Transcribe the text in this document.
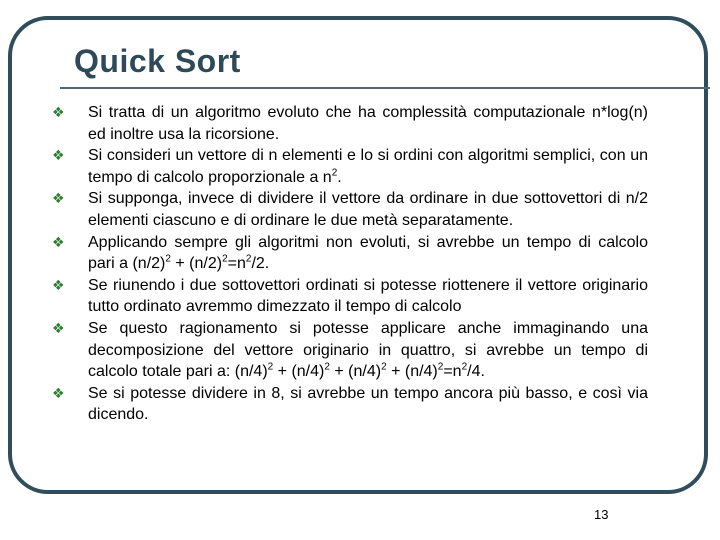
Quick Sort
❖ Si tratta di un algoritmo evoluto che ha complessità computazionale n*log(n) ed inoltre usa la ricorsione.
❖ Si consideri un vettore di n elementi e lo si ordini con algoritmi semplici, con un tempo di calcolo proporzionale a $n^2$.
❖ Si supponga, invece di dividere il vettore da ordinare in due sottovettori di n/2 elementi ciascuno e di ordinare le due metà separatamente.
❖ Applicando sempre gli algoritmi non evoluti, si avrebbe un tempo di calcolo pari a $(n/2)^2 + (n/2)^2=n^2/2$.
❖ Se riunendo i due sottovettori ordinati si potesse riottenere il vettore originario tutto ordinato avremmo dimezzato il tempo di calcolo
❖ Se questo ragionamento si potesse applicare anche immaginando una decomposizione del vettore originario in quattro, si avrebbe un tempo di calcolo totale pari a: $(n/4)^2 + (n/4)^2 + (n/4)^2 + (n/4)^2=n^2/4$.
❖ Se si potesse dividere in 8, si avrebbe un tempo ancora più basso, e così via dicendo.
13
